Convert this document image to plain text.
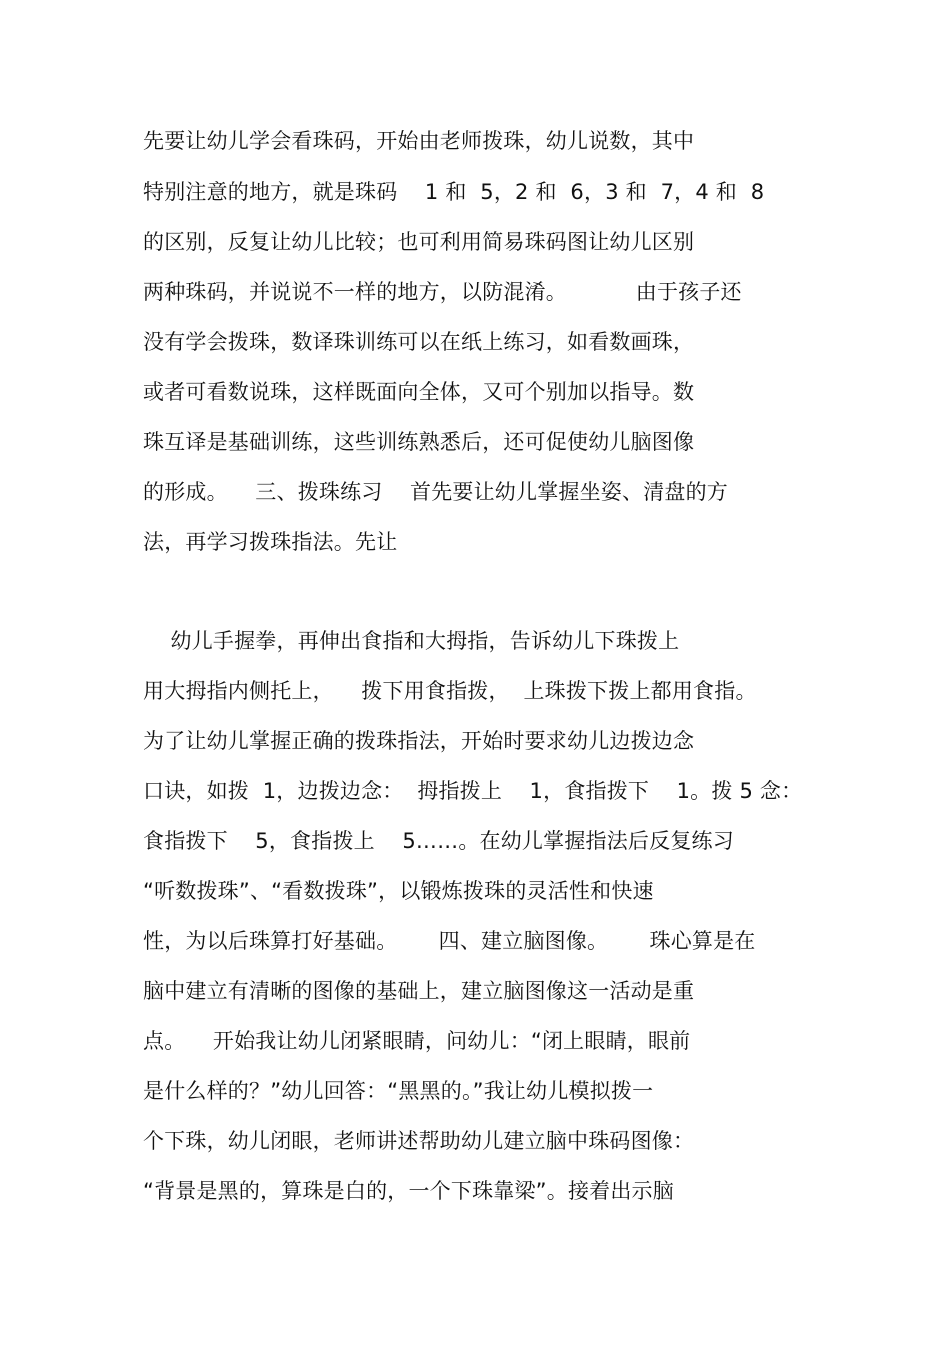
先要让幼儿学会看珠码，开始由老师拨珠，幼儿说数，其中
特别注意的地方，就是珠码    1 和  5，2 和  6，3 和  7，4 和  8
的区别，反复让幼儿比较；也可利用简易珠码图让幼儿区别
两种珠码，并说说不一样的地方，以防混淆。          由于孩子还
没有学会拨珠，数译珠训练可以在纸上练习，如看数画珠，
或者可看数说珠，这样既面向全体，又可个别加以指导。数
珠互译是基础训练，这些训练熟悉后，还可促使幼儿脑图像
的形成。    三、拨珠练习    首先要让幼儿掌握坐姿、清盘的方
法，再学习拨珠指法。先让
幼儿手握拳，再伸出食指和大拇指，告诉幼儿下珠拨上
用大拇指内侧托上，    拨下用食指拨，  上珠拨下拨上都用食指。
为了让幼儿掌握正确的拨珠指法，开始时要求幼儿边拨边念
口诀，如拨  1，边拨边念：  拇指拨上    1，食指拨下    1。拨 5 念：
食指拨下    5，食指拨上    5……。在幼儿掌握指法后反复练习
“听数拨珠”、“看数拨珠”，以锻炼拨珠的灵活性和快速
性，为以后珠算打好基础。      四、建立脑图像。      珠心算是在
脑中建立有清晰的图像的基础上，建立脑图像这一活动是重
点。    开始我让幼儿闭紧眼睛，问幼儿：“闭上眼睛，眼前
是什么样的？”幼儿回答：“黑黑的。”我让幼儿模拟拨一
个下珠，幼儿闭眼，老师讲述帮助幼儿建立脑中珠码图像：
“背景是黑的，算珠是白的，一个下珠靠梁”。接着出示脑
